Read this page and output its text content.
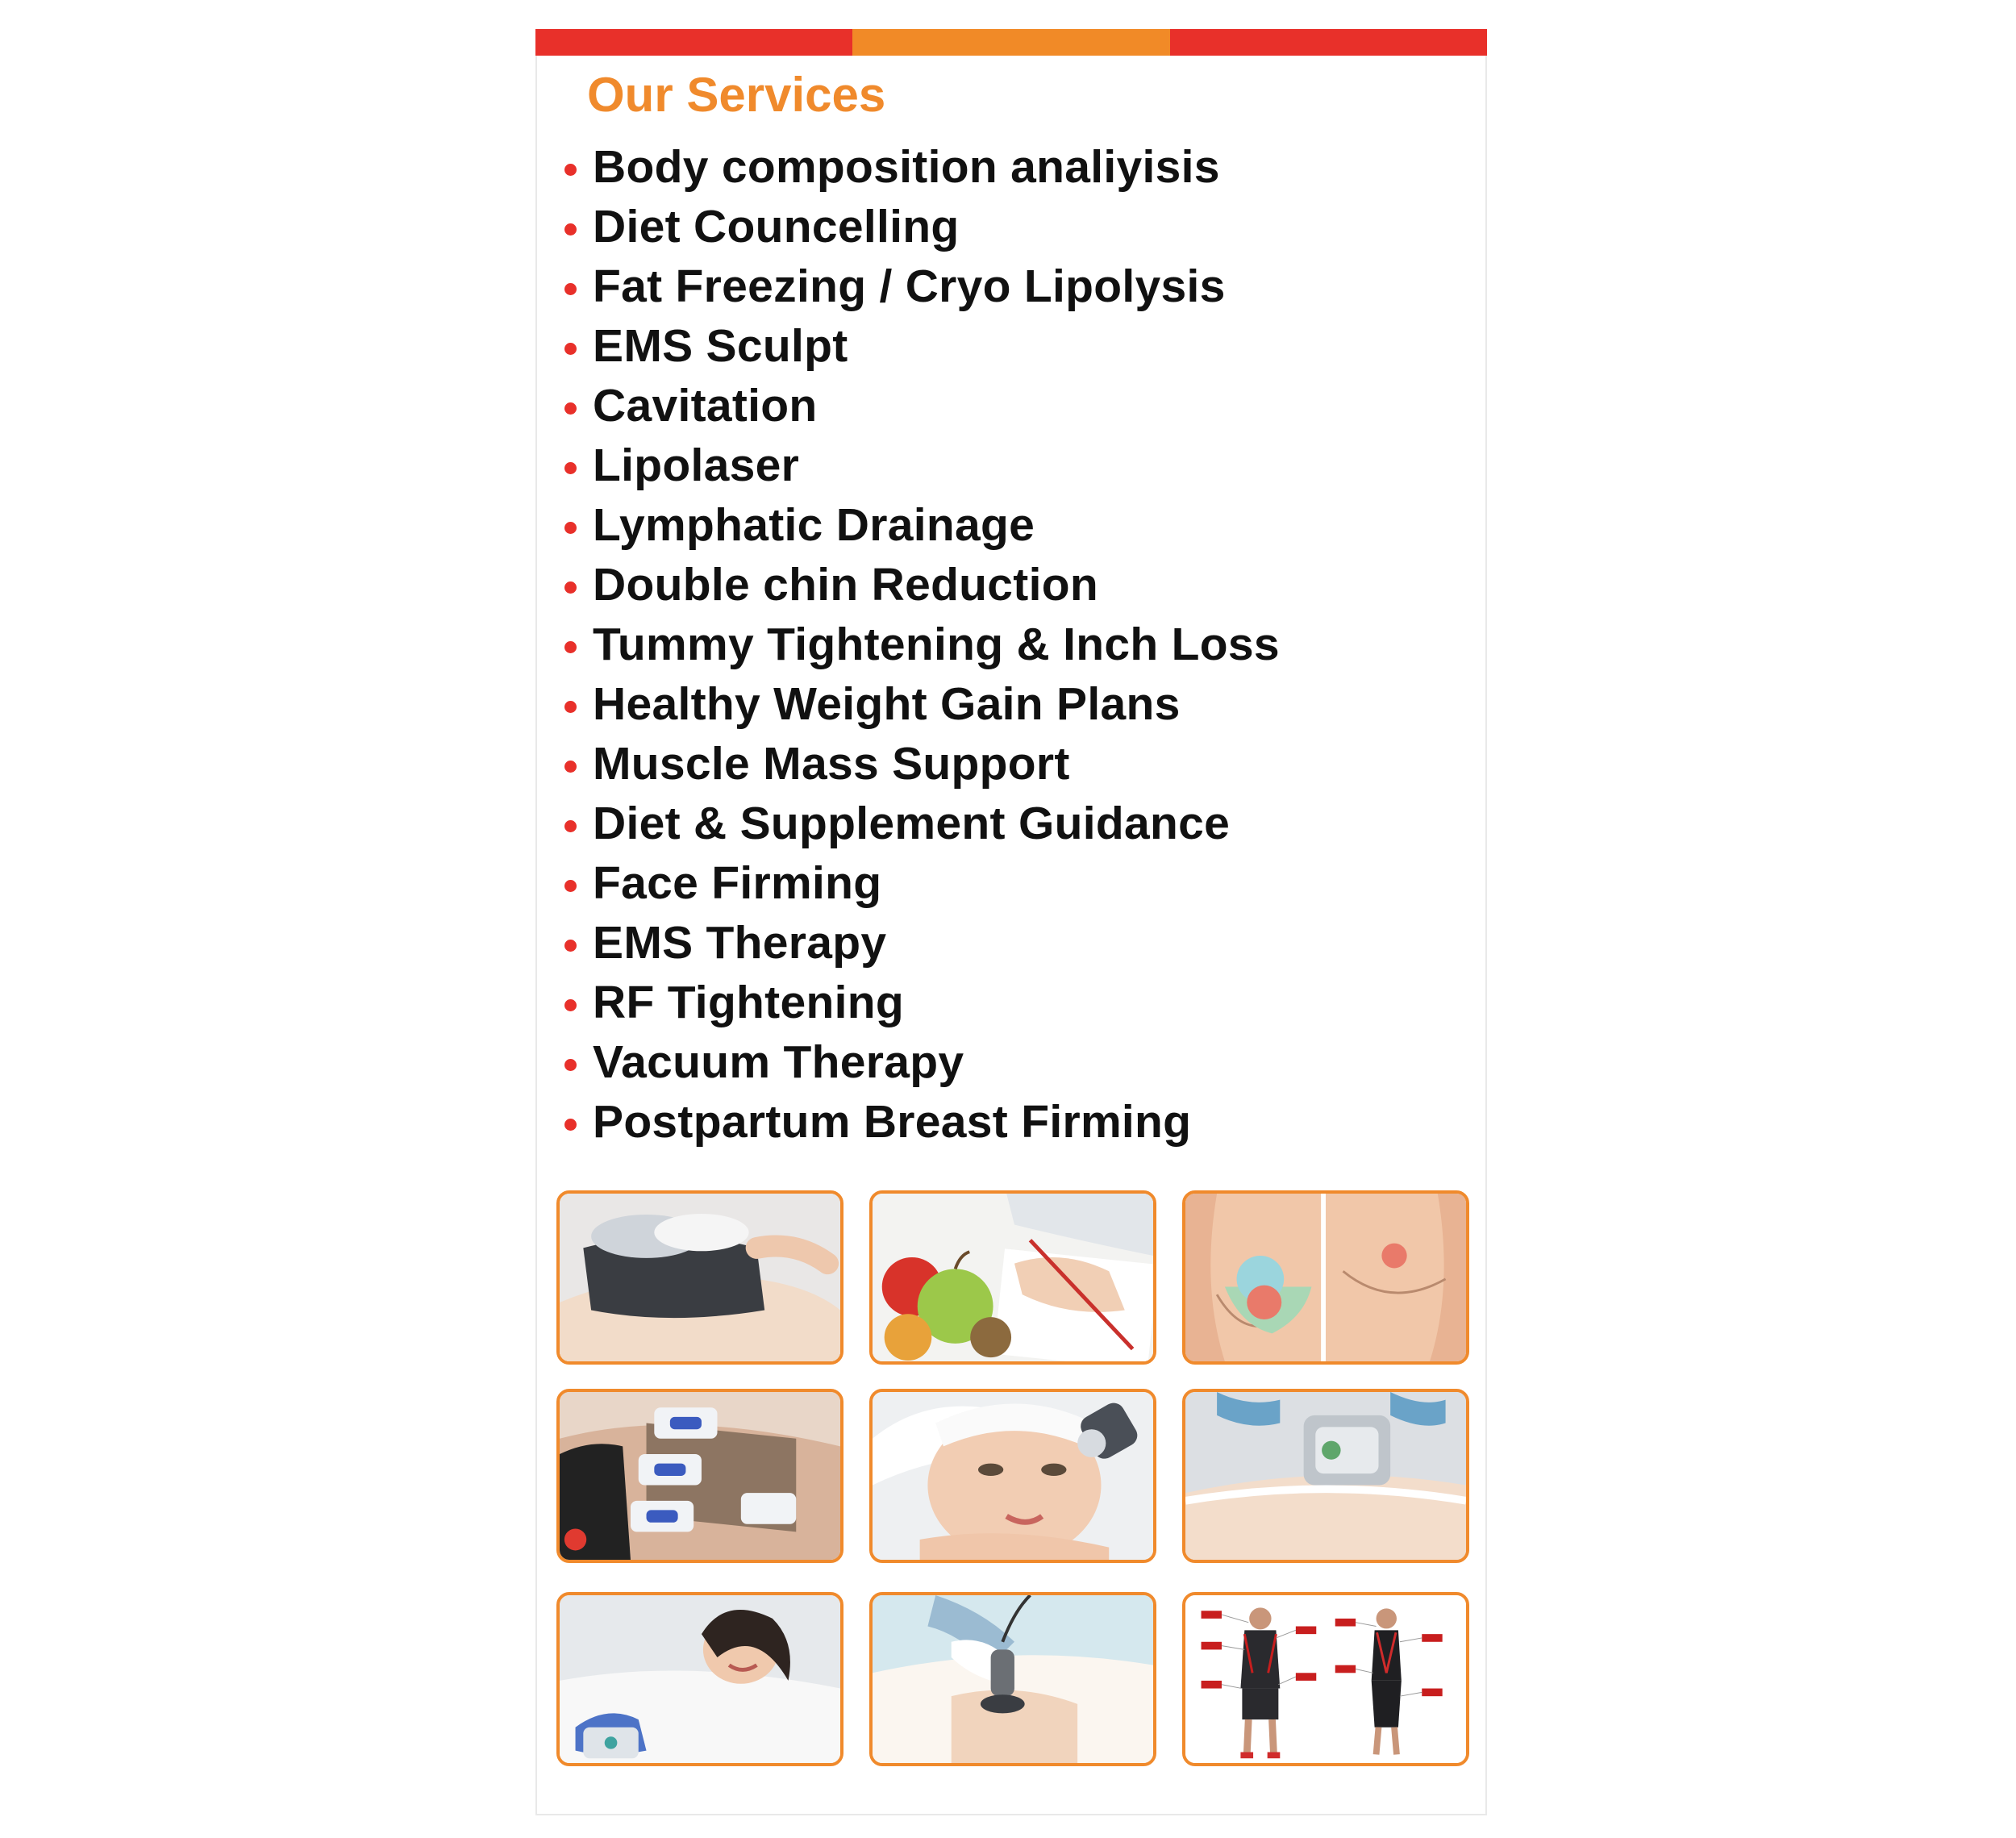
Our Services
Body composition analiyisis
Diet Councelling
Fat Freezing / Cryo Lipolysis
EMS Sculpt
Cavitation
Lipolaser
Lymphatic Drainage
Double chin Reduction
Tummy Tightening & Inch Loss
Healthy Weight Gain Plans
Muscle Mass Support
Diet & Supplement Guidance
Face Firming
EMS Therapy
RF Tightening
Vacuum Therapy
Postpartum Breast Firming
